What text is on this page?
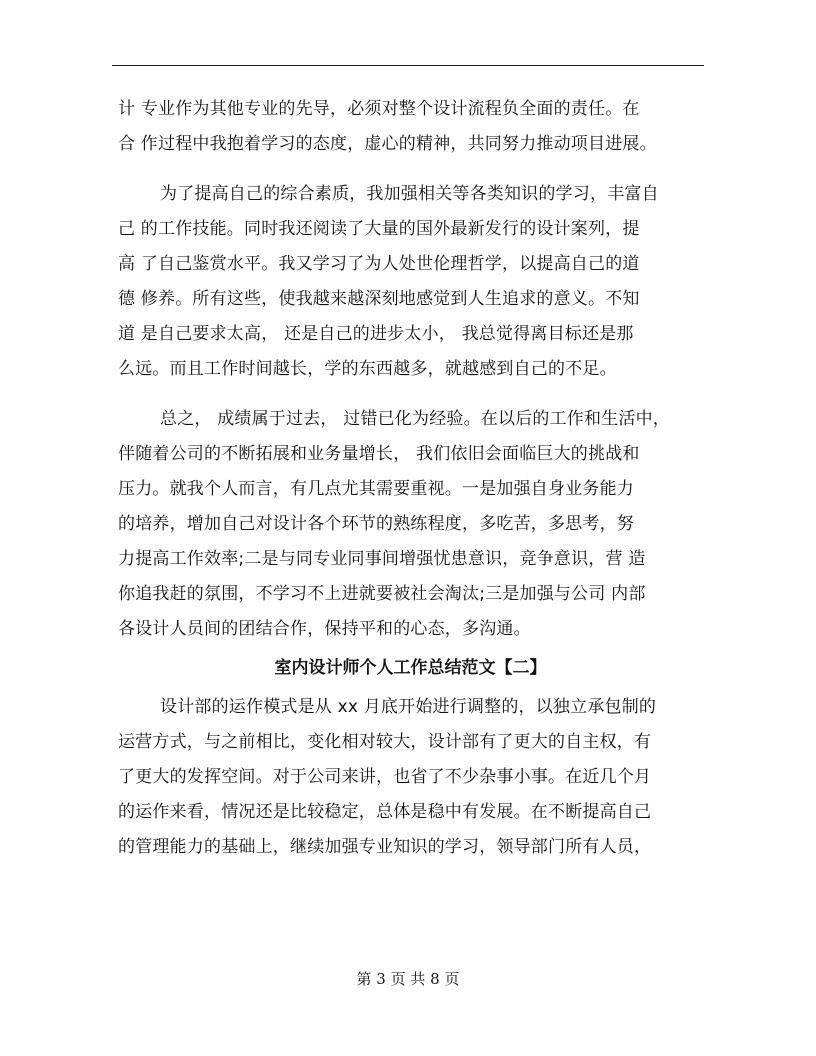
计 专业作为其他专业的先导，必须对整个设计流程负全面的责任。在
合 作过程中我抱着学习的态度，虚心的精神，共同努力推动项目进展。
为了提高自己的综合素质，我加强相关等各类知识的学习，丰富自
己 的工作技能。同时我还阅读了大量的国外最新发行的设计案列，提
高 了自己鉴赏水平。我又学习了为人处世伦理哲学，以提高自己的道
德 修养。所有这些，使我越来越深刻地感觉到人生追求的意义。不知
道 是自己要求太高， 还是自己的进步太小， 我总觉得离目标还是那
么远。而且工作时间越长，学的东西越多，就越感到自己的不足。
总之， 成绩属于过去， 过错已化为经验。在以后的工作和生活中，
伴随着公司的不断拓展和业务量增长， 我们依旧会面临巨大的挑战和
压力。就我个人而言，有几点尤其需要重视。一是加强自身业务能力
的培养，增加自己对设计各个环节的熟练程度，多吃苦，多思考，努
力提高工作效率;二是与同专业同事间增强忧患意识，竞争意识，营 造
你追我赶的氛围，不学习不上进就要被社会淘汰;三是加强与公司 内部
各设计人员间的团结合作，保持平和的心态，多沟通。
室内设计师个人工作总结范文【二】
设计部的运作模式是从 xx 月底开始进行调整的，以独立承包制的
运营方式，与之前相比，变化相对较大，设计部有了更大的自主权，有
了更大的发挥空间。对于公司来讲，也省了不少杂事小事。在近几个月
的运作来看，情况还是比较稳定，总体是稳中有发展。在不断提高自己
的管理能力的基础上，继续加强专业知识的学习，领导部门所有人员，
第 3 页 共 8 页
